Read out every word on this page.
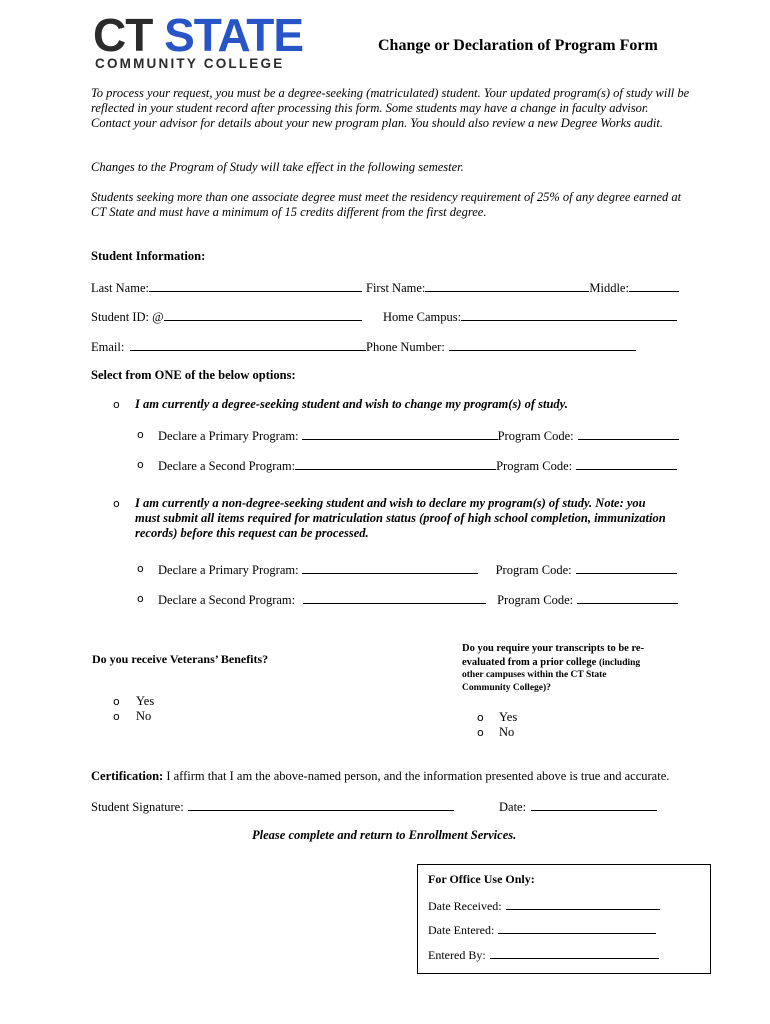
CT STATE
COMMUNITY COLLEGE
Change or Declaration of Program Form
To process your request, you must be a degree-seeking (matriculated) student. Your updated program(s) of study will be reflected in your student record after processing this form. Some students may have a change in faculty advisor. Contact your advisor for details about your new program plan. You should also review a new Degree Works audit.
Changes to the Program of Study will take effect in the following semester.
Students seeking more than one associate degree must meet the residency requirement of 25% of any degree earned at CT State and must have a minimum of 15 credits different from the first degree.
Student Information:
Last Name:	First Name:	Middle:
Student ID: @	Home Campus:
Email:	Phone Number:
Select from ONE of the below options:
o I am currently a degree-seeking student and wish to change my program(s) of study.
o Declare a Primary Program:	Program Code:
o Declare a Second Program:	Program Code:
o I am currently a non-degree-seeking student and wish to declare my program(s) of study. Note: you
must submit all items required for matriculation status (proof of high school completion, immunization
records) before this request can be processed.
o Declare a Primary Program:	Program Code:
o Declare a Second Program:	Program Code:
Do you receive Veterans’ Benefits?
o Yes
o No
Do you require your transcripts to be re-
evaluated from a prior college (including
other campuses within the CT State
Community College)?
o Yes
o No
Certification: I affirm that I am the above-named person, and the information presented above is true and accurate.
Student Signature:	Date:
Please complete and return to Enrollment Services.
For Office Use Only:
Date Received:
Date Entered:
Entered By:
